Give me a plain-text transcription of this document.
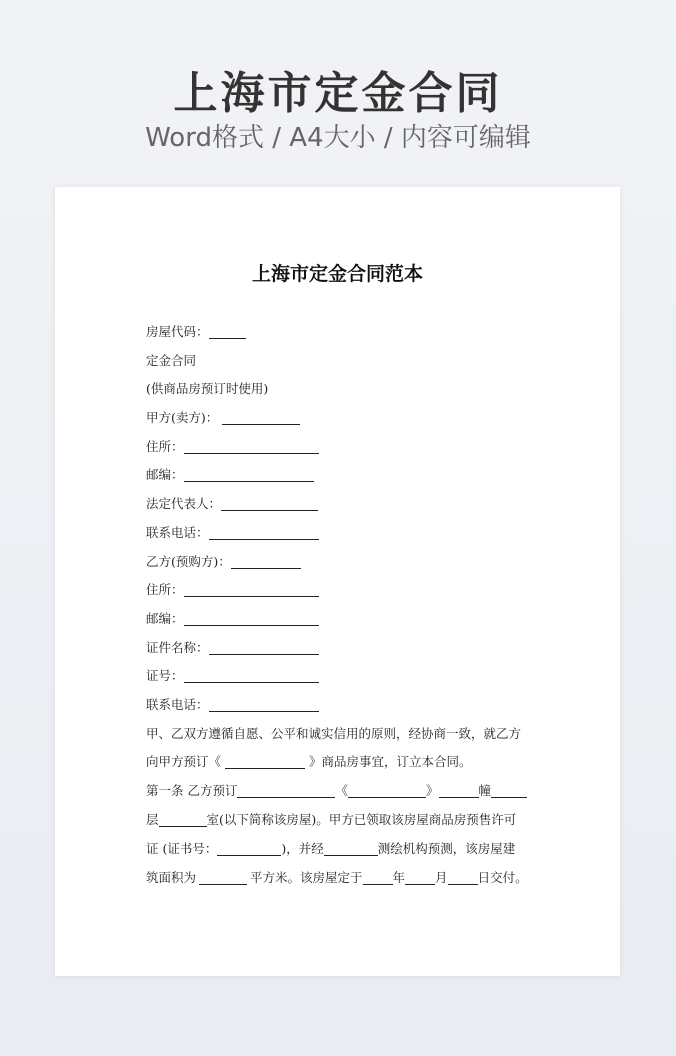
上海市定金合同
Word格式 / A4大小 / 内容可编辑
上海市定金合同范本
房屋代码：
定金合同
(供商品房预订时使用)
甲方(卖方)：
住所：
邮编：
法定代表人：
联系电话：
乙方(预购方)：
住所：
邮编：
证件名称：
证号：
联系电话：
甲、乙双方遵循自愿、公平和诚实信用的原则，经协商一致，就乙方
向甲方预订《	》商品房事宜，订立本合同。
第一条 乙方预订	《	》	幢
层	室(以下简称该房屋)。甲方已领取该房屋商品房预售许可
证 (证书号：	)，并经	测绘机构预测，该房屋建
筑面积为	平方米。该房屋定于 年 月 日交付。
